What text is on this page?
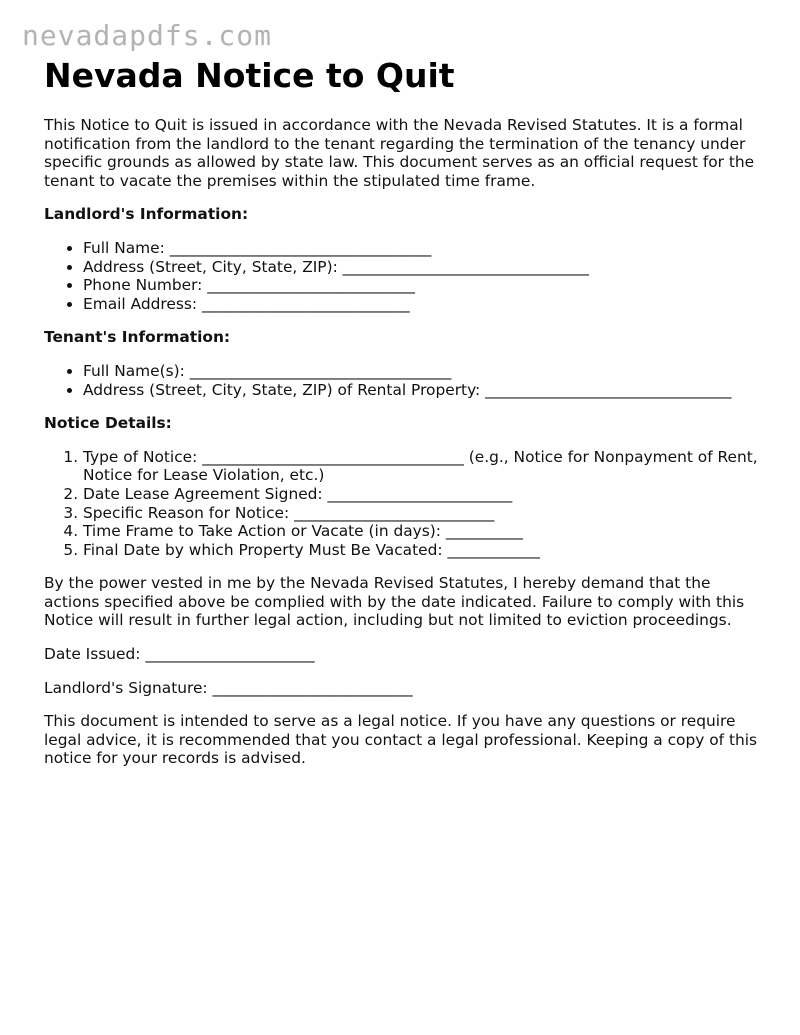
nevadapdfs.com
Nevada Notice to Quit

This Notice to Quit is issued in accordance with the Nevada Revised Statutes. It is a formal notification from the landlord to the tenant regarding the termination of the tenancy under specific grounds as allowed by state law. This document serves as an official request for the tenant to vacate the premises within the stipulated time frame.

Landlord's Information:
• Full Name: __________________________________
• Address (Street, City, State, ZIP): ________________________________
• Phone Number: ___________________________
• Email Address: ___________________________
Tenant's Information:
• Full Name(s): __________________________________
• Address (Street, City, State, ZIP) of Rental Property: ________________________________
Notice Details:
1. Type of Notice: __________________________________ (e.g., Notice for Nonpayment of Rent, Notice for Lease Violation, etc.)
2. Date Lease Agreement Signed: ________________________
3. Specific Reason for Notice: __________________________
4. Time Frame to Take Action or Vacate (in days): __________
5. Final Date by which Property Must Be Vacated: ____________

By the power vested in me by the Nevada Revised Statutes, I hereby demand that the actions specified above be complied with by the date indicated. Failure to comply with this Notice will result in further legal action, including but not limited to eviction proceedings.

Date Issued: ______________________

Landlord's Signature: __________________________

This document is intended to serve as a legal notice. If you have any questions or require legal advice, it is recommended that you contact a legal professional. Keeping a copy of this notice for your records is advised.
